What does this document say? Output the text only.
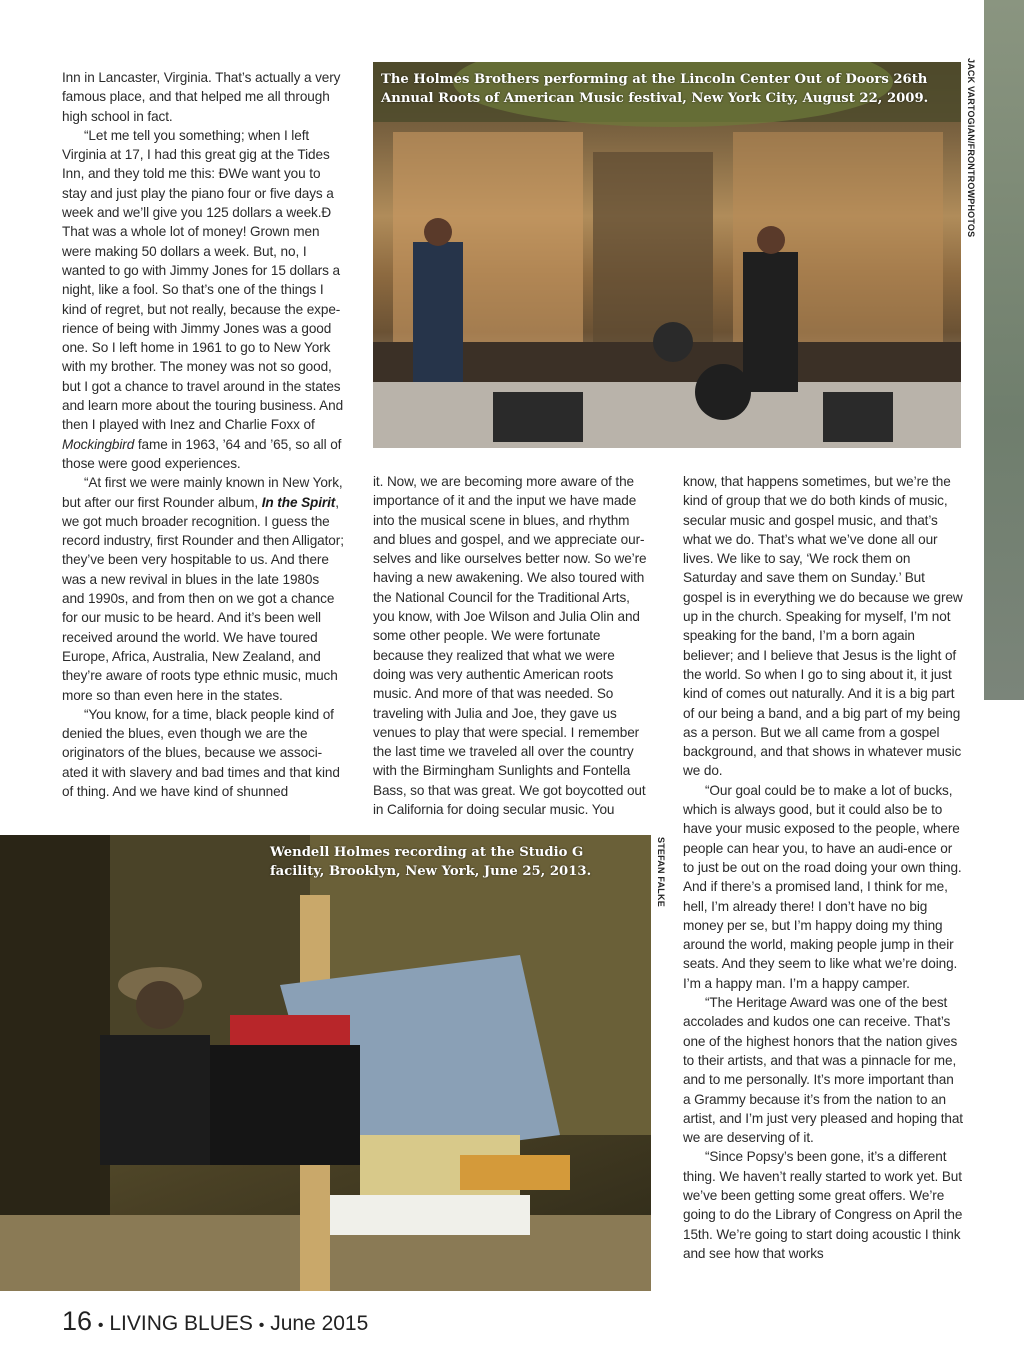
Inn in Lancaster, Virginia. That’s actually a very famous place, and that helped me all through high school in fact.

“Let me tell you something; when I left Virginia at 17, I had this great gig at the Tides Inn, and they told me this: ÐWe want you to stay and just play the piano four or five days a week and we’ll give you 125 dollars a week.Ð That was a whole lot of money! Grown men were making 50 dollars a week. But, no, I wanted to go with Jimmy Jones for 15 dollars a night, like a fool. So that’s one of the things I kind of regret, but not really, because the expe-rience of being with Jimmy Jones was a good one. So I left home in 1961 to go to New York with my brother. The money was not so good, but I got a chance to travel around in the states and learn more about the touring business. And then I played with Inez and Charlie Foxx of Mockingbird fame in 1963, ’64 and ’65, so all of those were good experiences.

“At first we were mainly known in New York, but after our first Rounder album, In the Spirit, we got much broader recognition. I guess the record industry, first Rounder and then Alligator; they’ve been very hospitable to us. And there was a new revival in blues in the late 1980s and 1990s, and from then on we got a chance for our music to be heard. And it’s been well received around the world. We have toured Europe, Africa, Australia, New Zealand, and they’re aware of roots type ethnic music, much more so than even here in the states.

“You know, for a time, black people kind of denied the blues, even though we are the originators of the blues, because we associ-ated it with slavery and bad times and that kind of thing. And we have kind of shunned

The Holmes Brothers performing at the Lincoln Center Out of Doors 26th Annual Roots of American Music festival, New York City, August 22, 2009.	JACK VARTOGIAN/FRONTROWPHOTOS

it. Now, we are becoming more aware of the importance of it and the input we have made into the musical scene in blues, and rhythm and blues and gospel, and we appreciate our-selves and like ourselves better now. So we’re having a new awakening. We also toured with the National Council for the Traditional Arts, you know, with Joe Wilson and Julia Olin and some other people. We were fortunate because they realized that what we were doing was very authentic American roots music. And more of that was needed. So traveling with Julia and Joe, they gave us venues to play that were special. I remember the last time we traveled all over the country with the Birmingham Sunlights and Fontella Bass, so that was great. We got boycotted out in California for doing secular music. You

know, that happens sometimes, but we’re the kind of group that we do both kinds of music, secular music and gospel music, and that’s what we do. That’s what we’ve done all our lives. We like to say, ‘We rock them on Saturday and save them on Sunday.’ But gospel is in everything we do because we grew up in the church. Speaking for myself, I’m not speaking for the band, I’m a born again believer; and I believe that Jesus is the light of the world. So when I go to sing about it, it just kind of comes out naturally. And it is a big part of our being a band, and a big part of my being as a person. But we all came from a gospel background, and that shows in whatever music we do.

“Our goal could be to make a lot of bucks, which is always good, but it could also be to have your music exposed to the people, where people can hear you, to have an audi-ence or to just be out on the road doing your own thing. And if there’s a promised land, I think for me, hell, I’m already there! I don’t have no big money per se, but I’m happy doing my thing around the world, making people jump in their seats. And they seem to like what we’re doing. I’m a happy man. I’m a happy camper.

“The Heritage Award was one of the best accolades and kudos one can receive. That’s one of the highest honors that the nation gives to their artists, and that was a pinnacle for me, and to me personally. It’s more important than a Grammy because it’s from the nation to an artist, and I’m just very pleased and hoping that we are deserving of it.

“Since Popsy’s been gone, it’s a different thing. We haven’t really started to work yet. But we’ve been getting some great offers. We’re going to do the Library of Congress on April the 15th. We’re going to start doing acoustic I think and see how that works

Wendell Holmes recording at the Studio G facility, Brooklyn, New York, June 25, 2013.	STEFAN FALKE
16 • LIVING BLUES • June 2015
